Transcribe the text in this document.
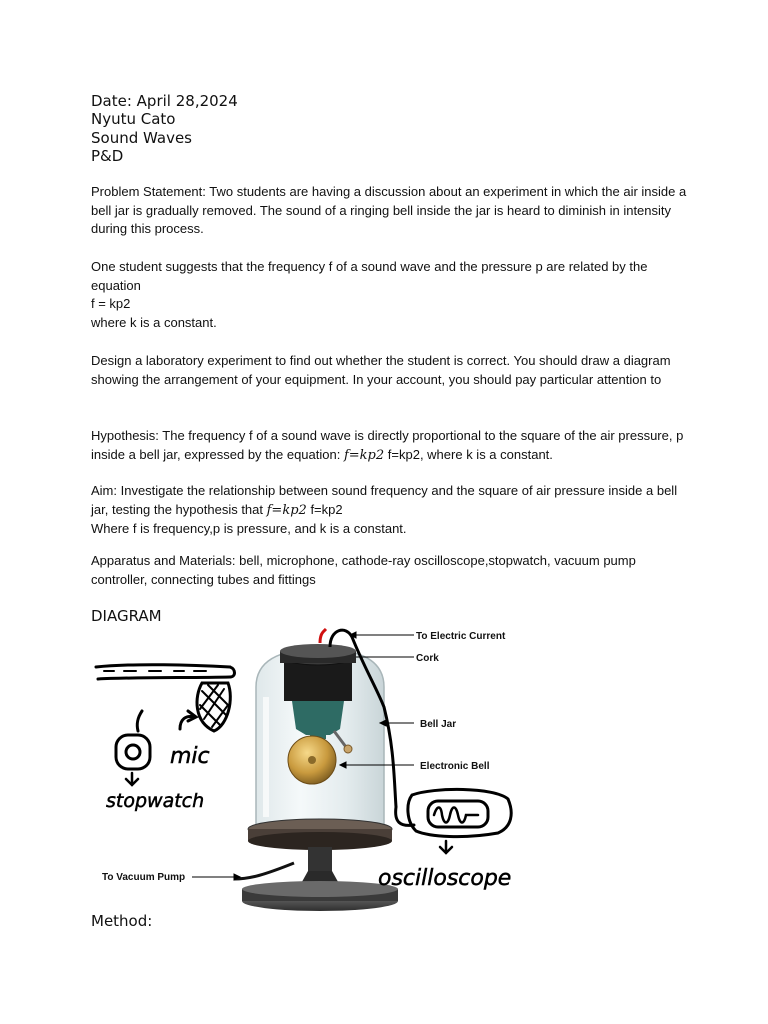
Date: April 28,2024
Nyutu Cato
Sound Waves
P&D

Problem Statement: Two students are having a discussion about an experiment in which the air inside a bell jar is gradually removed. The sound of a ringing bell inside the jar is heard to diminish in intensity during this process.

One student suggests that the frequency f of a sound wave and the pressure p are related by the equation

f = kp2

where k is a constant.

Design a laboratory experiment to find out whether the student is correct. You should draw a diagram showing the arrangement of your equipment. In your account, you should pay particular attention to

Hypothesis: The frequency f of a sound wave is directly proportional to the square of the air pressure, p inside a bell jar, expressed by the equation: 𝑓=𝑘𝑝2 f=kp2, where k is a constant.

Aim: Investigate the relationship between sound frequency and the square of air pressure inside a bell jar, testing the hypothesis that 𝑓=𝑘𝑝2 f=kp2

Where f is frequency,p is pressure, and k is a constant.

Apparatus and Materials: bell, microphone, cathode-ray oscilloscope,stopwatch, vacuum pump controller, connecting tubes and fittings

DIAGRAM
mic
stopwatch
oscilloscope
To Electric Current
Cork
Bell Jar
Electronic Bell
To Vacuum Pump
Method:
